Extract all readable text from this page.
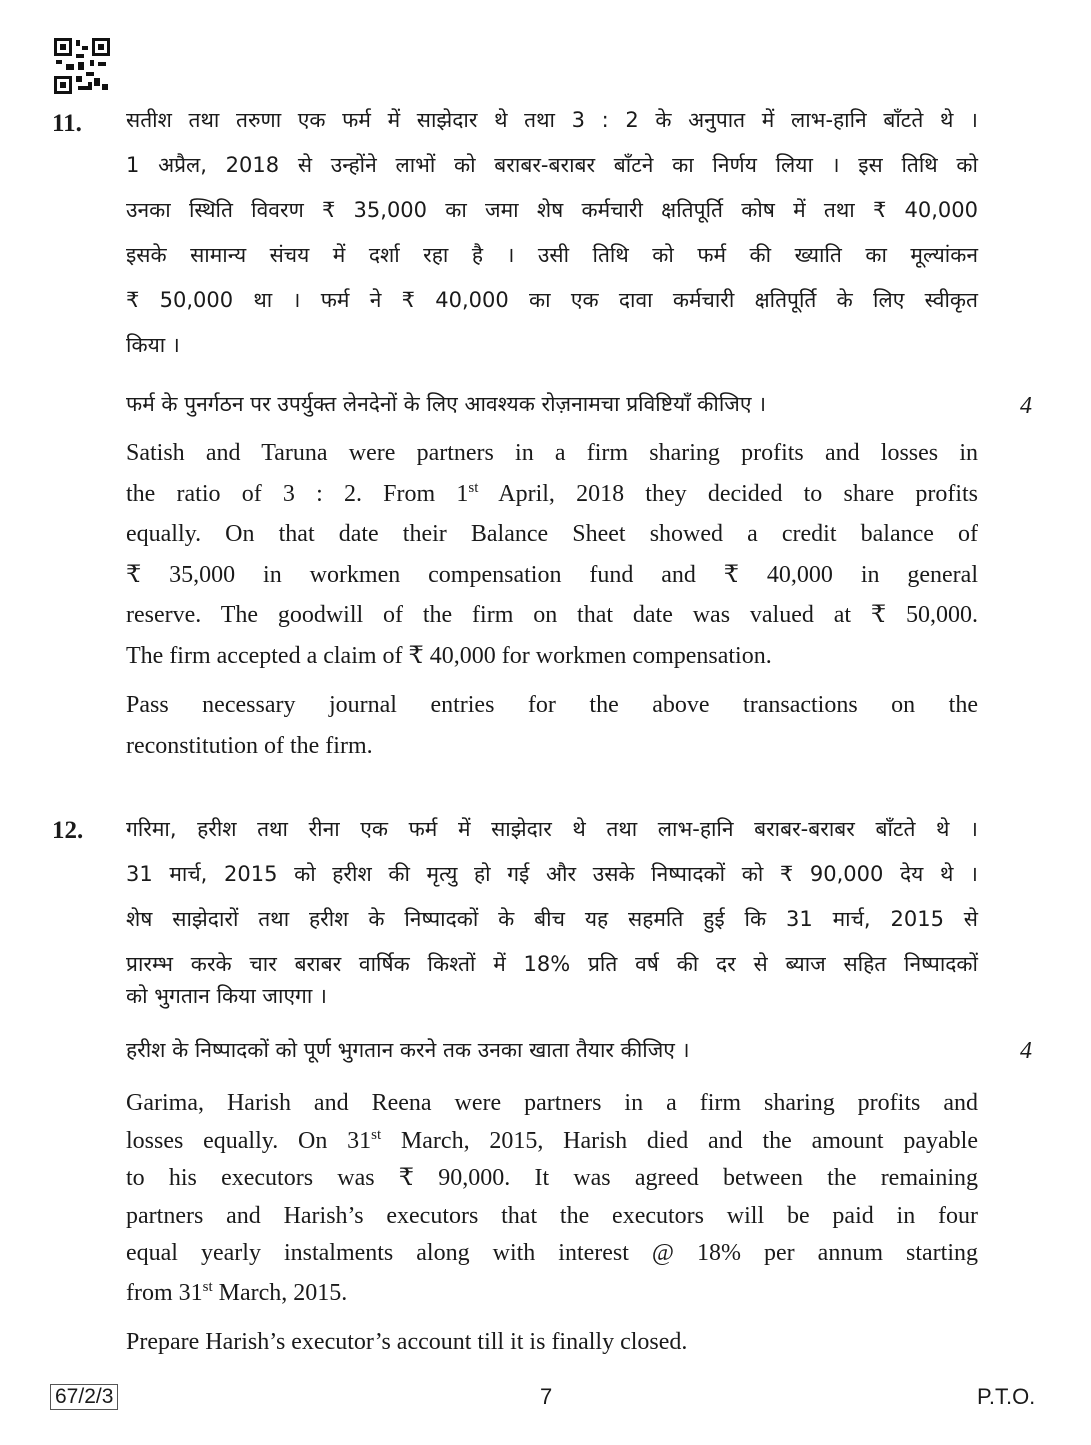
11. सतीश तथा तरुणा एक फर्म में साझेदार थे तथा 3 : 2 के अनुपात में लाभ-हानि बाँटते थे ।
1 अप्रैल, 2018 से उन्होंने लाभों को बराबर-बराबर बाँटने का निर्णय लिया । इस तिथि को
उनका स्थिति विवरण ₹ 35,000 का जमा शेष कर्मचारी क्षतिपूर्ति कोष में तथा ₹ 40,000
इसके सामान्य संचय में दर्शा रहा है । उसी तिथि को फर्म की ख्याति का मूल्यांकन
₹ 50,000 था । फर्म ने ₹ 40,000 का एक दावा कर्मचारी क्षतिपूर्ति के लिए स्वीकृत
किया ।
फर्म के पुनर्गठन पर उपर्युक्त लेनदेनों के लिए आवश्यक रोज़नामचा प्रविष्टियाँ कीजिए ।	4
Satish and Taruna were partners in a firm sharing profits and losses in
the ratio of 3 : 2. From 1st April, 2018 they decided to share profits
equally. On that date their Balance Sheet showed a credit balance of
₹ 35,000 in workmen compensation fund and ₹ 40,000 in general
reserve. The goodwill of the firm on that date was valued at ₹ 50,000.
The firm accepted a claim of ₹ 40,000 for workmen compensation.
Pass necessary journal entries for the above transactions on the
reconstitution of the firm.
12. गरिमा, हरीश तथा रीना एक फर्म में साझेदार थे तथा लाभ-हानि बराबर-बराबर बाँटते थे ।
31 मार्च, 2015 को हरीश की मृत्यु हो गई और उसके निष्पादकों को ₹ 90,000 देय थे ।
शेष साझेदारों तथा हरीश के निष्पादकों के बीच यह सहमति हुई कि 31 मार्च, 2015 से
प्रारम्भ करके चार बराबर वार्षिक किश्तों में 18% प्रति वर्ष की दर से ब्याज सहित निष्पादकों
को भुगतान किया जाएगा ।
हरीश के निष्पादकों को पूर्ण भुगतान करने तक उनका खाता तैयार कीजिए ।	4
Garima, Harish and Reena were partners in a firm sharing profits and
losses equally. On 31st March, 2015, Harish died and the amount payable
to his executors was ₹ 90,000. It was agreed between the remaining
partners and Harish’s executors that the executors will be paid in four
equal yearly instalments along with interest @ 18% per annum starting
from 31st March, 2015.
Prepare Harish’s executor’s account till it is finally closed.
67/2/3	7	P.T.O.
